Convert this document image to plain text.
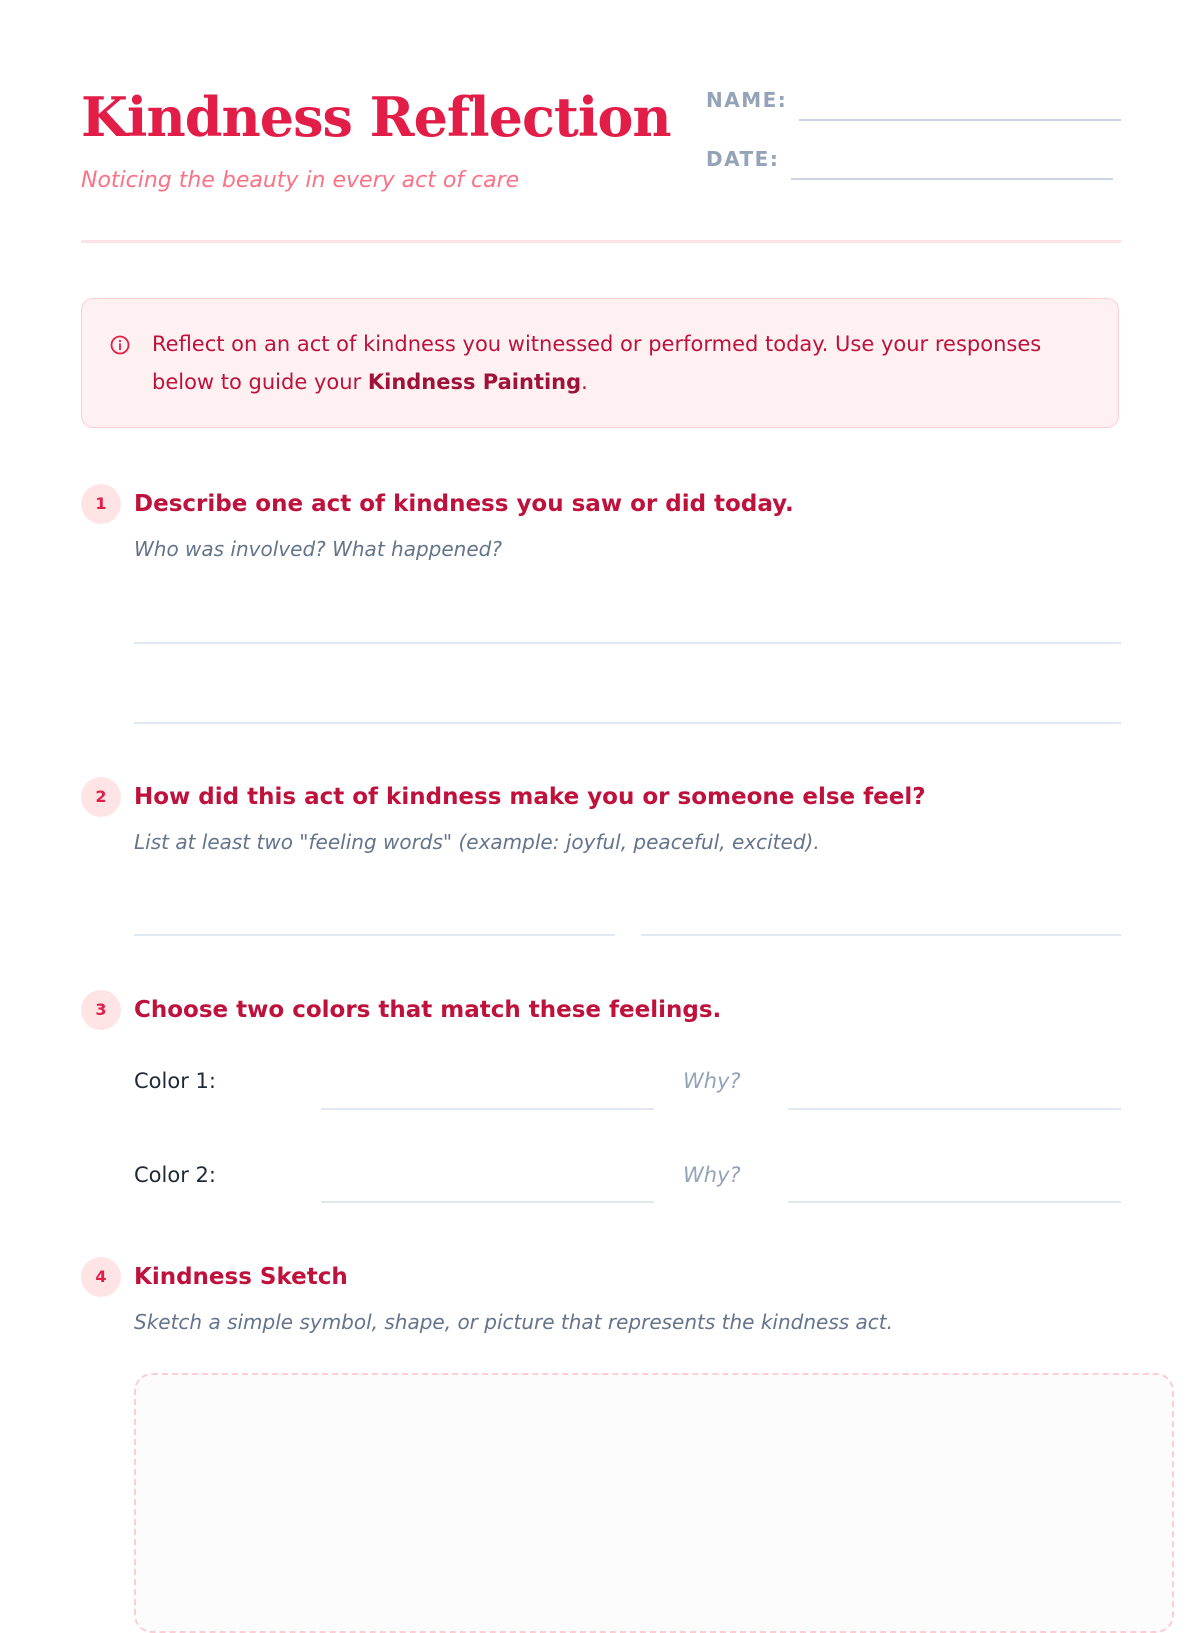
Kindness Reflection
Noticing the beauty in every act of care
NAME:
DATE:
Reflect on an act of kindness you witnessed or performed today. Use your responses below to guide your Kindness Painting.
1	Describe one act of kindness you saw or did today.
Who was involved? What happened?
2	How did this act of kindness make you or someone else feel?
List at least two "feeling words" (example: joyful, peaceful, excited).
3	Choose two colors that match these feelings.
Color 1:	Why?
Color 2:	Why?
4	Kindness Sketch
Sketch a simple symbol, shape, or picture that represents the kindness act.
